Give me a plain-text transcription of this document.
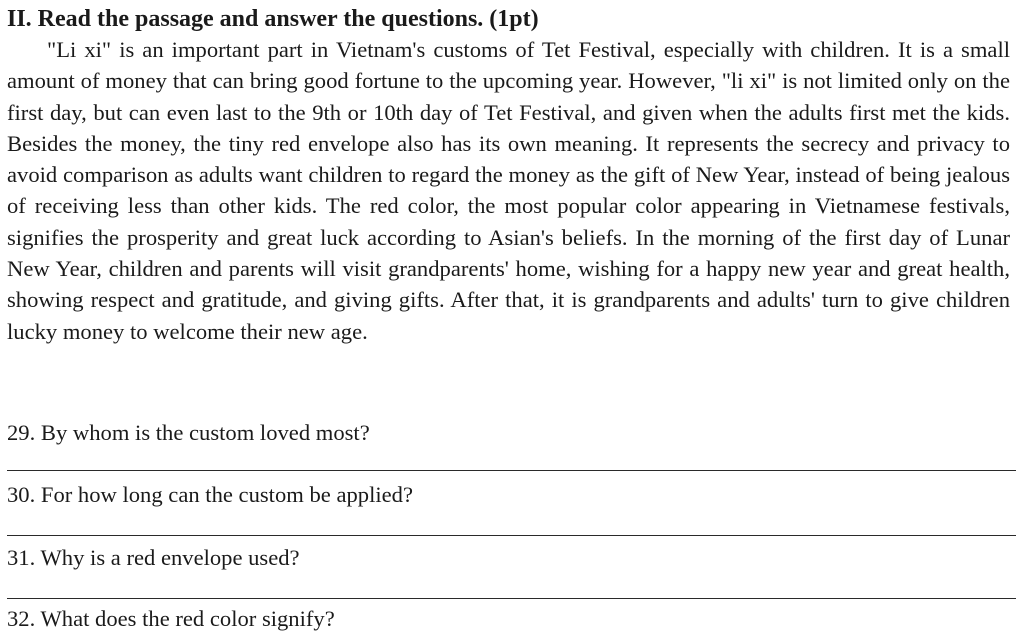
II. Read the passage and answer the questions. (1pt)

"Li xi" is an important part in Vietnam's customs of Tet Festival, especially with children. It is a small amount of money that can bring good fortune to the upcoming year. However, "li xi" is not limited only on the first day, but can even last to the 9th or 10th day of Tet Festival, and given when the adults first met the kids. Besides the money, the tiny red envelope also has its own meaning. It represents the secrecy and privacy to avoid comparison as adults want children to regard the money as the gift of New Year, instead of being jealous of receiving less than other kids. The red color, the most popular color appearing in Vietnamese festivals, signifies the prosperity and great luck according to Asian's beliefs. In the morning of the first day of Lunar New Year, children and parents will visit grandparents' home, wishing for a happy new year and great health, showing respect and gratitude, and giving gifts. After that, it is grandparents and adults' turn to give children lucky money to welcome their new age.

29. By whom is the custom loved most?
30. For how long can the custom be applied?
31. Why is a red envelope used?
32. What does the red color signify?
